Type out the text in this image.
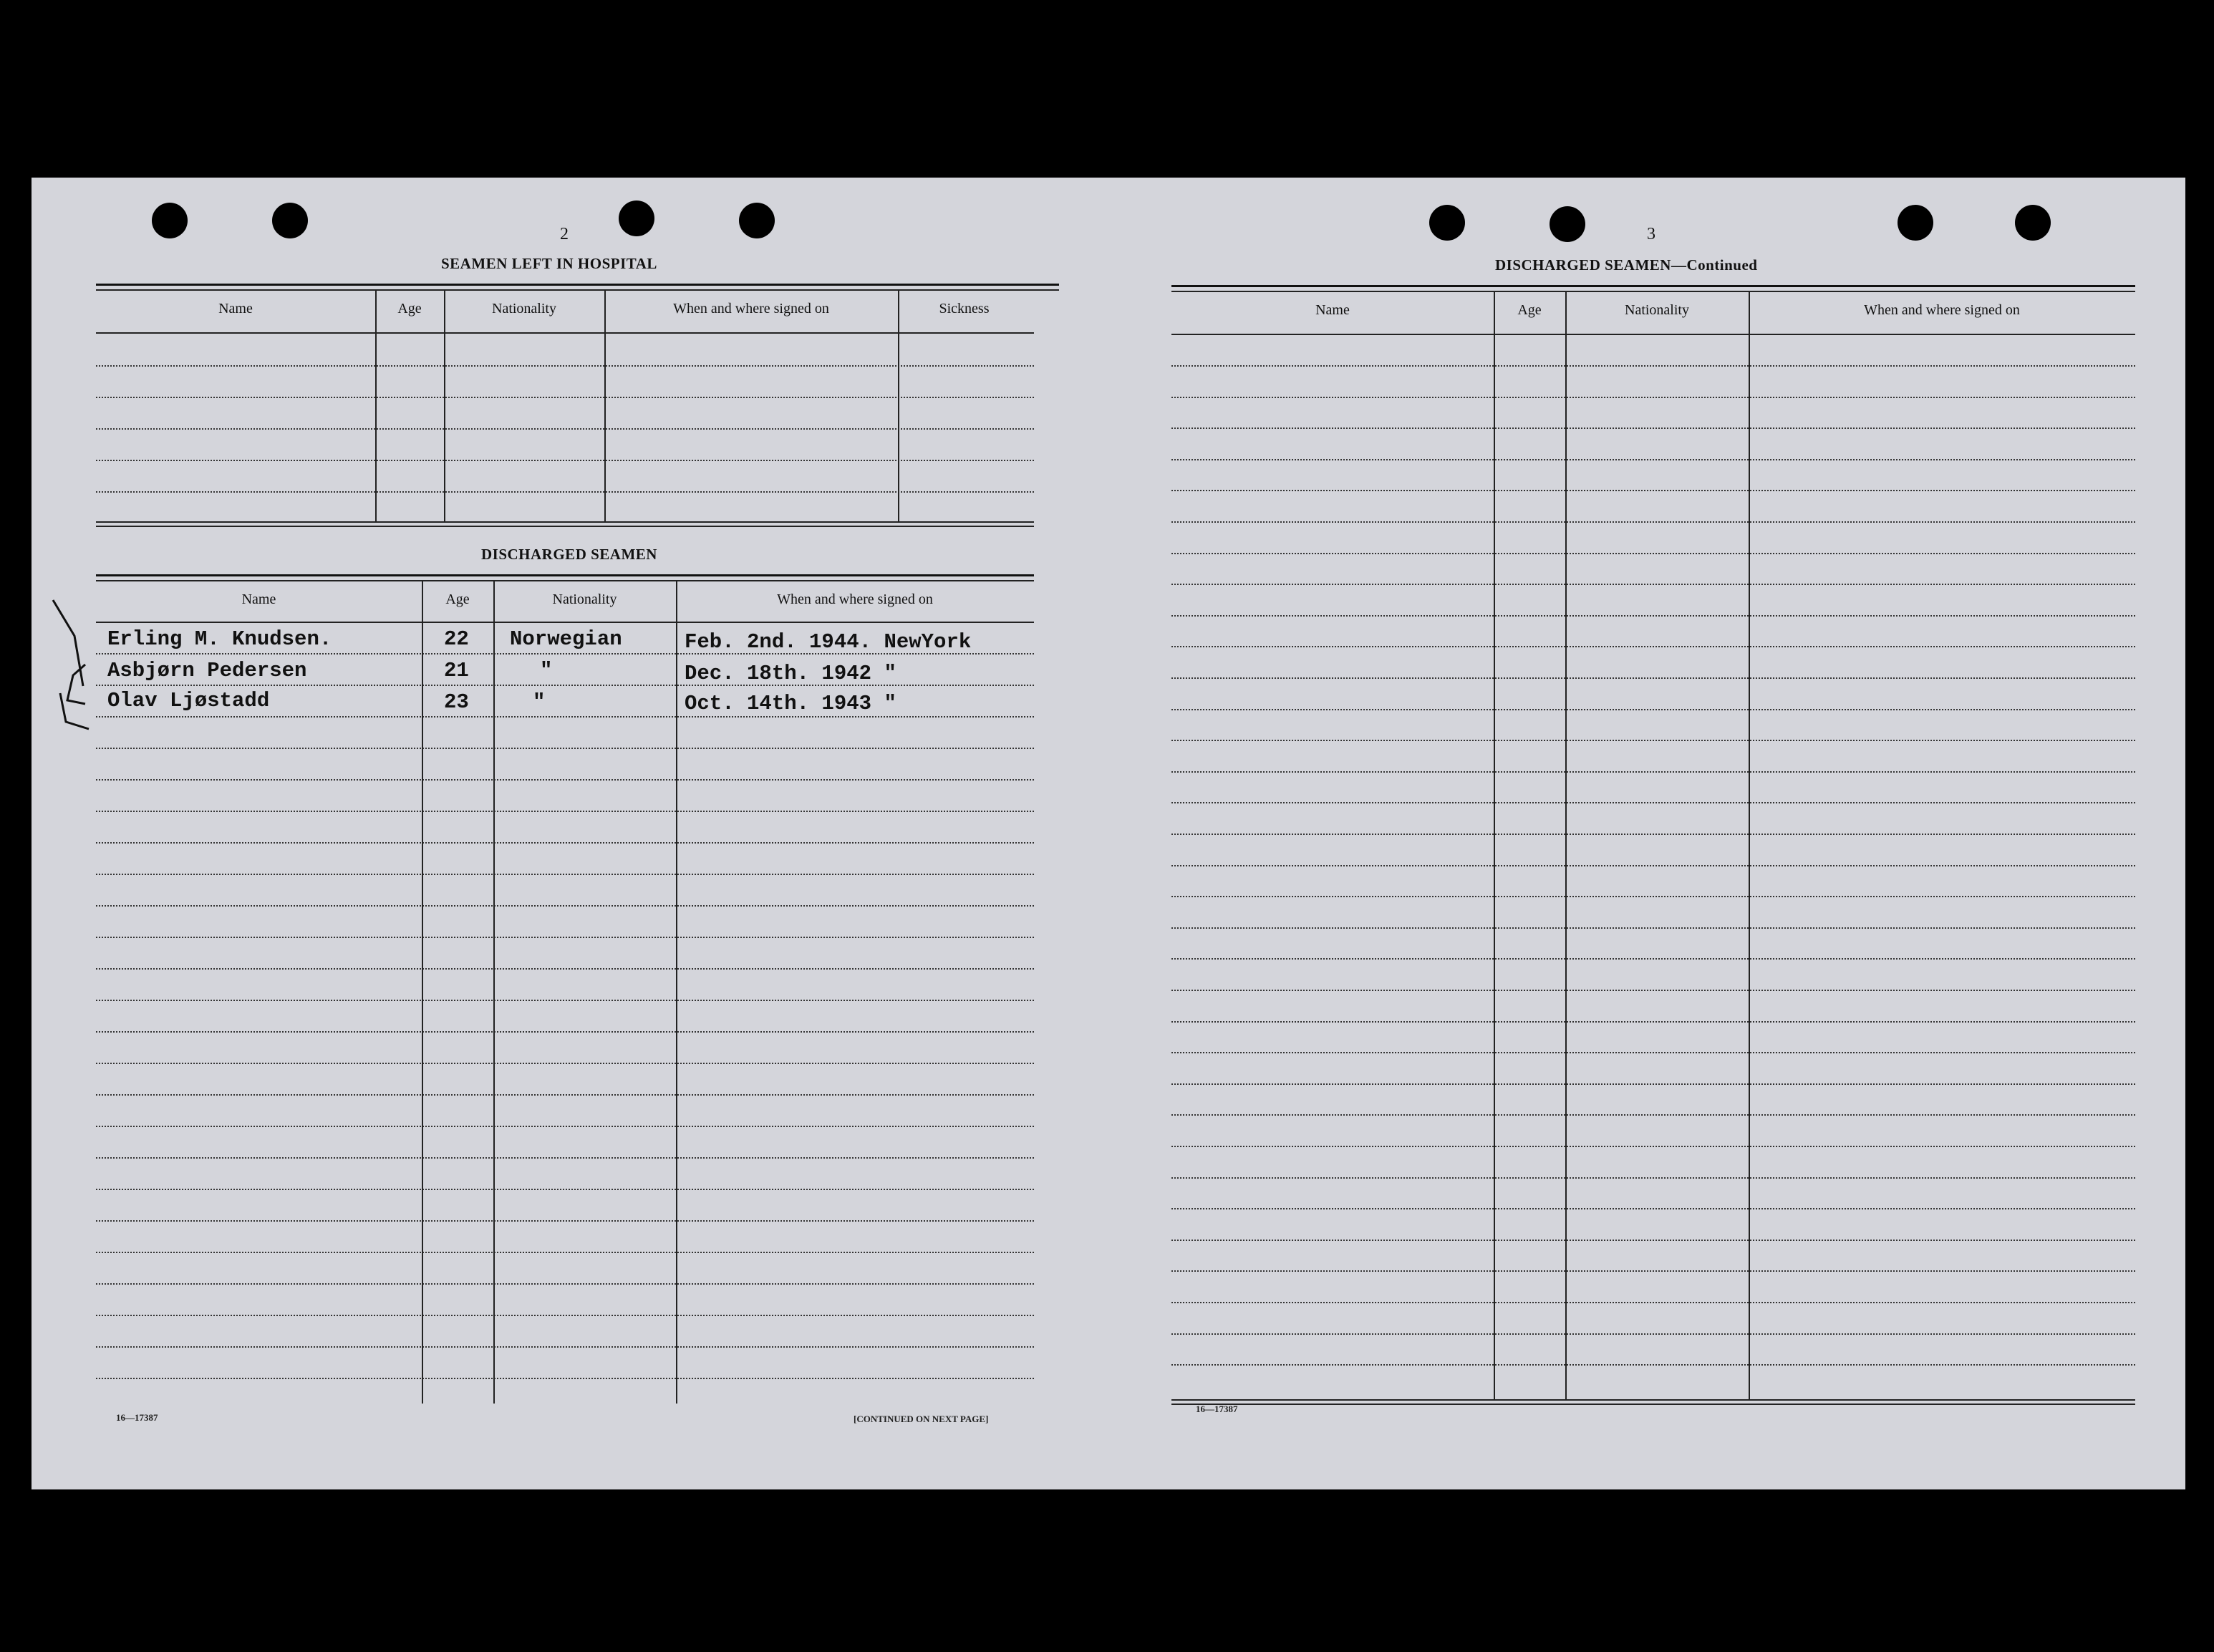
2
SEAMEN LEFT IN HOSPITAL
Name	Age	Nationality	When and where signed on	Sickness
DISCHARGED SEAMEN
Name	Age	Nationality	When and where signed on
Erling M. Knudsen.	22 Norwegian	Feb. 2nd. 1944. NewYork
Asbjørn Pedersen	21	"	Dec. 18th. 1942 "
Olav Ljøstadd	23	"	Oct. 14th. 1943 "
16—17387	[CONTINUED ON NEXT PAGE]
3
DISCHARGED SEAMEN—Continued
Name	Age	Nationality	When and where signed on
16—17387
